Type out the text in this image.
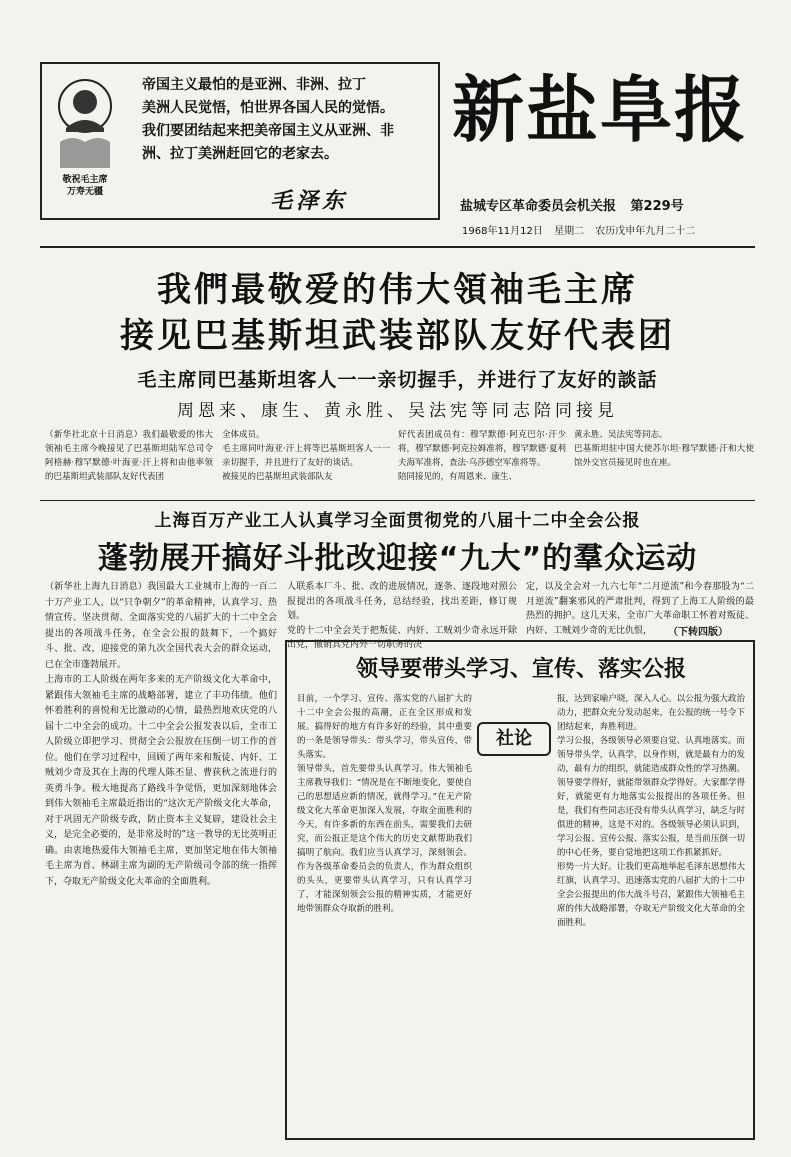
敬祝毛主席
万寿无疆
帝国主义最怕的是亚洲、非洲、拉丁
美洲人民觉悟，怕世界各国人民的觉悟。
我们要团结起来把美帝国主义从亚洲、非
洲、拉丁美洲赶回它的老家去。
毛泽东
新盐阜报
盐城专区革命委员会机关报 第229号
1968年11月12日 星期二 农历戊申年九月二十二
我們最敬爱的伟大領袖毛主席
接见巴基斯坦武装部队友好代表团
毛主席同巴基斯坦客人一一亲切握手，并进行了友好的談話
周恩来、康生、黄永胜、吴法宪等同志陪同接見
（新华社北京十日消息）我们最敬爱的伟大领袖毛主席今晚接见了巴基斯坦陆军总司令阿格赫·穆罕默德·叶海亚·汗上将和由他率领的巴基斯坦武装部队友好代表团
全体成员。
毛主席同叶海亚·汗上将等巴基斯坦客人一一亲切握手，并且进行了友好的谈话。
被接见的巴基斯坦武装部队友
好代表团成员有：穆罕默德·阿克巴尔·汗少将，穆罕默德·阿克拉姆准将，穆罕默德·夏利夫海军准将，查法·乌莎德空军准将等。
陪同接见的，有周恩来、康生、
黄永胜、吴法宪等同志。
巴基斯坦驻中国大使苏尔坦·穆罕默德·汗和大使馆外交官员接见时也在座。
上海百万产业工人认真学习全面贯彻党的八届十二中全会公报
蓬勃展开搞好斗批改迎接“九大”的羣众运动
（新华社上海九日消息）我国最大工业城市上海的一百二十万产业工人，以“只争朝夕”的革命精神，认真学习、热情宣传、坚决贯彻、全面落实党的八届扩大的十二中全会提出的各项战斗任务，在全会公报的鼓舞下，一个搞好斗、批、改，迎接党的第九次全国代表大会的群众运动，已在全市蓬勃展开。
上海市的工人阶级在两年多来的无产阶级文化大革命中，紧跟伟大领袖毛主席的战略部署，建立了丰功伟绩。他们怀着胜利的喜悦和无比激动的心情，最热烈地欢庆党的八届十二中全会的成功。十二中全会公报发表以后，全市工人阶级立即把学习、贯彻全会公报放在压倒一切工作的首位。他们在学习过程中，回顾了两年来和叛徒、内奸、工贼刘少奇及其在上海的代理人陈丕显、曹荻秋之流进行的英勇斗争。极大地提高了路线斗争觉悟，更加深刻地体会到伟大领袖毛主席最近指出的“这次无产阶级文化大革命，对于巩固无产阶级专政，防止资本主义复辟，建设社会主义，是完全必要的，是非常及时的”这一教导的无比英明正确。由衷地热爱伟大领袖毛主席，更加坚定地在伟大领袖毛主席为首、林副主席为副的无产阶级司令部的统一指挥下，夺取无产阶级文化大革命的全面胜利。
人联系本厂斗、批、改的进展情况，逐条、逐段地对照公报提出的各项战斗任务，总结经验，找出差距，修订规划。
党的十二中全会关于把叛徒、内奸、工贼刘少奇永远开除出党，撤销其党内外一切职务的决
定，以及全会对一九六七年“二月逆流”和今春那股为“二月逆流”翻案邪风的严肃批判，得到了上海工人阶级的最热烈的拥护。这几天来，全市广大革命职工怀着对叛徒、内奸、工贼刘少奇的无比仇恨，	（下转四版）
领导要带头学习、宣传、落实公报
社论
目前，一个学习、宣传、落实党的八届扩大的十二中全会公报的高潮，正在全区形成和发展。搞得好的地方有许多好的经验，其中重要的一条是领导带头：带头学习，带头宣传，带头落实。
领导带头，首先要带头认真学习。伟大领袖毛主席教导我们：“情况是在不断地变化，要使自己的思想适应新的情况，就得学习。”在无产阶级文化大革命更加深入发展，夺取全面胜利的今天，有许多新的东西在前头，需要我们去研究，而公报正是这个伟大的历史文献帮助我们搞明了航向。我们应当认真学习，深刻领会。作为各级革命委员会的负责人，作为群众组织的头头，更要带头认真学习，只有认真学习了，才能深刻领会公报的精神实质，才能更好地带领群众夺取新的胜利。
报，达到家喻户晓，深入人心。以公报为强大政治动力，把群众充分发动起来，在公报的统一号令下团结起来，奔胜利进。
学习公报，各级领导必须要自觉、认真地落实。而领导带头学，认真学，以身作则，就是最有力的发动，最有力的组织，就能造成群众性的学习热潮。领导要学得好，就能带领群众学得好。大家都学得好，就能更有力地落实公报提出的各项任务。但是，我们有些同志还没有带头认真学习，缺乏与时俱进的精神，这是不对的。各级领导必须认识到，学习公报、宣传公报、落实公报，是当前压倒一切的中心任务，要自觉地把这项工作抓紧抓好。
形势一片大好。让我们更高地举起毛泽东思想伟大红旗，认真学习、迅速落实党的八届扩大的十二中全会公报提出的伟大战斗号召，紧跟伟大领袖毛主席的伟大战略部署，夺取无产阶级文化大革命的全面胜利。
